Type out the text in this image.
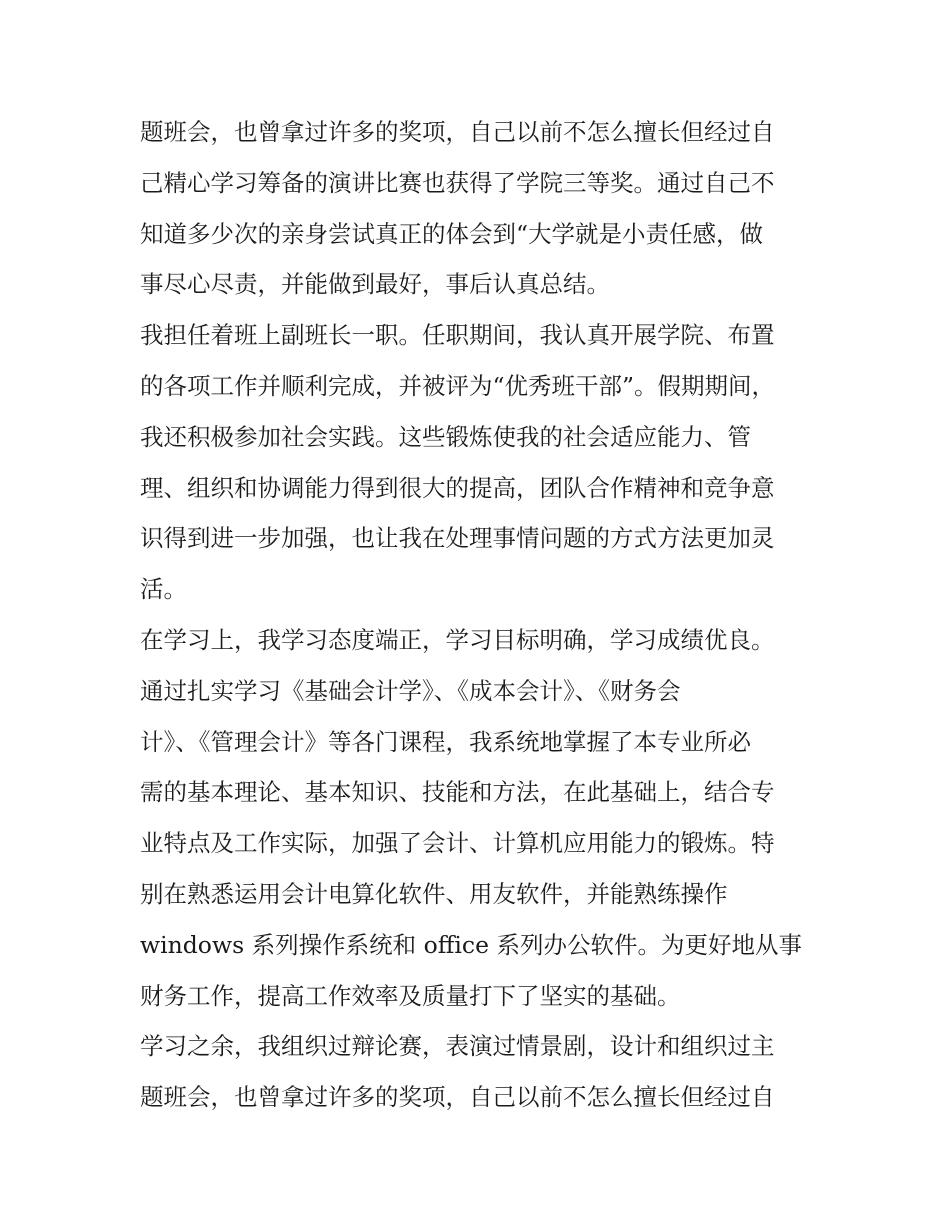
题班会，也曾拿过许多的奖项，自己以前不怎么擅长但经过自
己精心学习筹备的演讲比赛也获得了学院三等奖。通过自己不
知道多少次的亲身尝试真正的体会到“大学就是小责任感，做
事尽心尽责，并能做到最好，事后认真总结。
我担任着班上副班长一职。任职期间，我认真开展学院、布置
的各项工作并顺利完成，并被评为“优秀班干部”。假期期间，
我还积极参加社会实践。这些锻炼使我的社会适应能力、管
理、组织和协调能力得到很大的提高，团队合作精神和竞争意
识得到进一步加强，也让我在处理事情问题的方式方法更加灵
活。
在学习上，我学习态度端正，学习目标明确，学习成绩优良。
通过扎实学习《基础会计学》、《成本会计》、《财务会
计》、《管理会计》等各门课程，我系统地掌握了本专业所必
需的基本理论、基本知识、技能和方法，在此基础上，结合专
业特点及工作实际，加强了会计、计算机应用能力的锻炼。特
别在熟悉运用会计电算化软件、用友软件，并能熟练操作
windows 系列操作系统和 office 系列办公软件。为更好地从事
财务工作，提高工作效率及质量打下了坚实的基础。
学习之余，我组织过辩论赛，表演过情景剧，设计和组织过主
题班会，也曾拿过许多的奖项，自己以前不怎么擅长但经过自
